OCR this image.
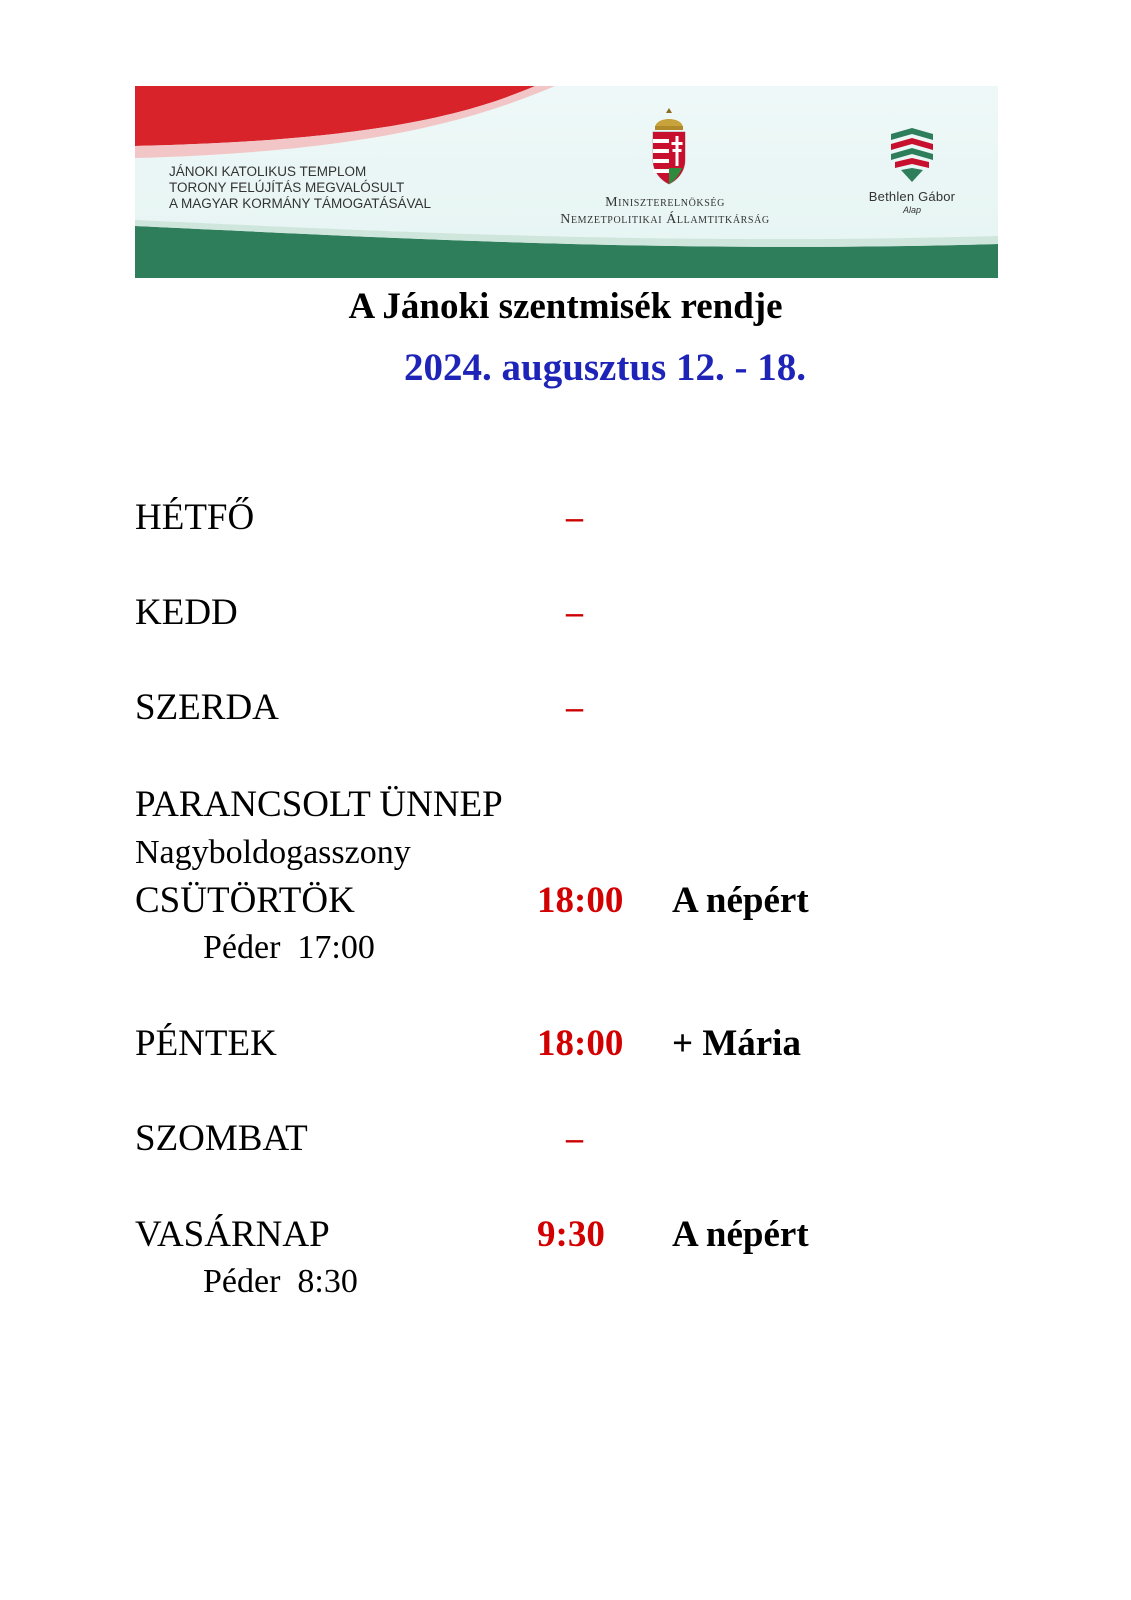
JÁNOKI KATOLIKUS TEMPLOM
TORONY FELÚJÍTÁS MEGVALÓSULT
A MAGYAR KORMÁNY TÁMOGATÁSÁVAL	Miniszterelnökség
Nemzetpolitikai Államtitkárság
Bethlen Gábor
Alap
A Jánoki szentmisék rendje

2024. augusztus 12. - 18.

HÉTFŐ	–
KEDD	–
SZERDA	–
PARANCSOLT ÜNNEP
Nagyboldogasszony
CSÜTÖRTÖK	18:00 A népért
Péder  17:00
PÉNTEK	18:00 + Mária
SZOMBAT	–
VASÁRNAP	9:30 A népért
Péder  8:30
